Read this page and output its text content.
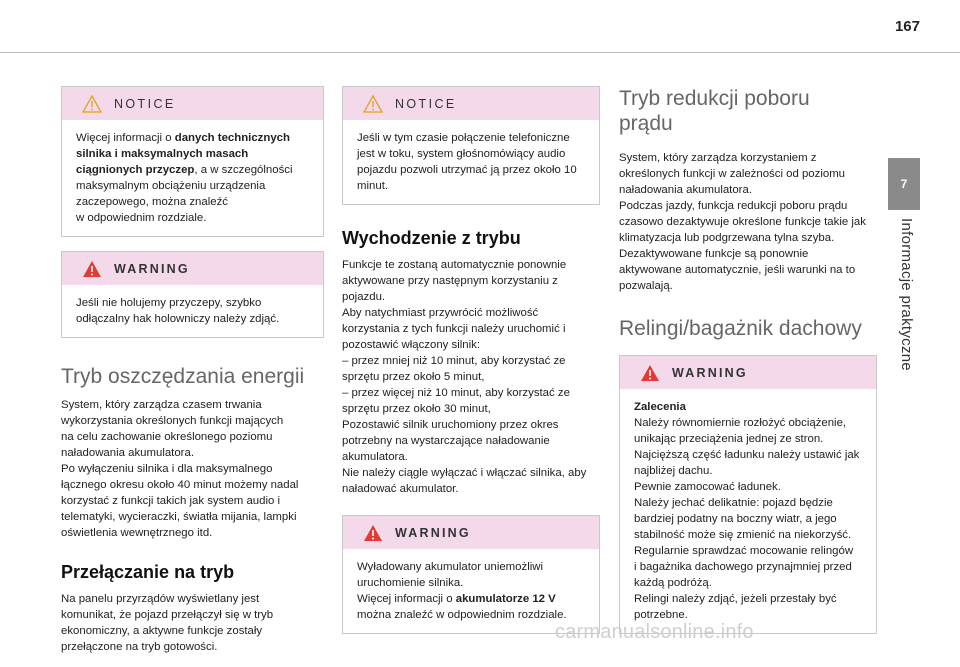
167
7
Informacje praktyczne
NOTICE
Więcej informacji o danych technicznych
silnika i maksymalnych masach
ciągnionych przyczep, a w szczególności
maksymalnym obciążeniu urządzenia
zaczepowego, można znaleźć
w odpowiednim rozdziale.
WARNING
Jeśli nie holujemy przyczepy, szybko
odłączalny hak holowniczy należy zdjąć.
Tryb oszczędzania energii

System, który zarządza czasem trwania
wykorzystania określonych funkcji mających
na celu zachowanie określonego poziomu
naładowania akumulatora.
Po wyłączeniu silnika i dla maksymalnego
łącznego okresu około 40 minut możemy nadal
korzystać z funkcji takich jak system audio i
telematyki, wycieraczki, światła mijania, lampki
oświetlenia wewnętrznego itd.

Przełączanie na tryb

Na panelu przyrządów wyświetlany jest
komunikat, że pojazd przełączył się w tryb
ekonomiczny, a aktywne funkcje zostały
przełączone na tryb gotowości.

NOTICE
Jeśli w tym czasie połączenie telefoniczne
jest w toku, system głośnomówiący audio
pojazdu pozwoli utrzymać ją przez około 10
minut.
Wychodzenie z trybu

Funkcje te zostaną automatycznie ponownie
aktywowane przy następnym korzystaniu z
pojazdu.
Aby natychmiast przywrócić możliwość
korzystania z tych funkcji należy uruchomić i
pozostawić włączony silnik:
– przez mniej niż 10 minut, aby korzystać ze
sprzętu przez około 5 minut,
– przez więcej niż 10 minut, aby korzystać ze
sprzętu przez około 30 minut,
Pozostawić silnik uruchomiony przez okres
potrzebny na wystarczające naładowanie
akumulatora.
Nie należy ciągle wyłączać i włączać silnika, aby
naładować akumulator.

WARNING
Wyładowany akumulator uniemożliwi
uruchomienie silnika.
Więcej informacji o akumulatorze 12 V
można znaleźć w odpowiednim rozdziale.
Tryb redukcji poboru
prądu

System, który zarządza korzystaniem z
określonych funkcji w zależności od poziomu
naładowania akumulatora.
Podczas jazdy, funkcja redukcji poboru prądu
czasowo dezaktywuje określone funkcje takie jak
klimatyzacja lub podgrzewana tylna szyba.
Dezaktywowane funkcje są ponownie
aktywowane automatycznie, jeśli warunki na to
pozwalają.

Relingi/bagażnik dachowy
WARNING
Zalecenia
Należy równomiernie rozłożyć obciążenie,
unikając przeciążenia jednej ze stron.
Najcięższą część ładunku należy ustawić jak
najbliżej dachu.
Pewnie zamocować ładunek.
Należy jechać delikatnie: pojazd będzie
bardziej podatny na boczny wiatr, a jego
stabilność może się zmienić na niekorzyść.
Regularnie sprawdzać mocowanie relingów
i bagażnika dachowego przynajmniej przed
każdą podróżą.
Relingi należy zdjąć, jeżeli przestały być
potrzebne.
carmanualsonline.info
